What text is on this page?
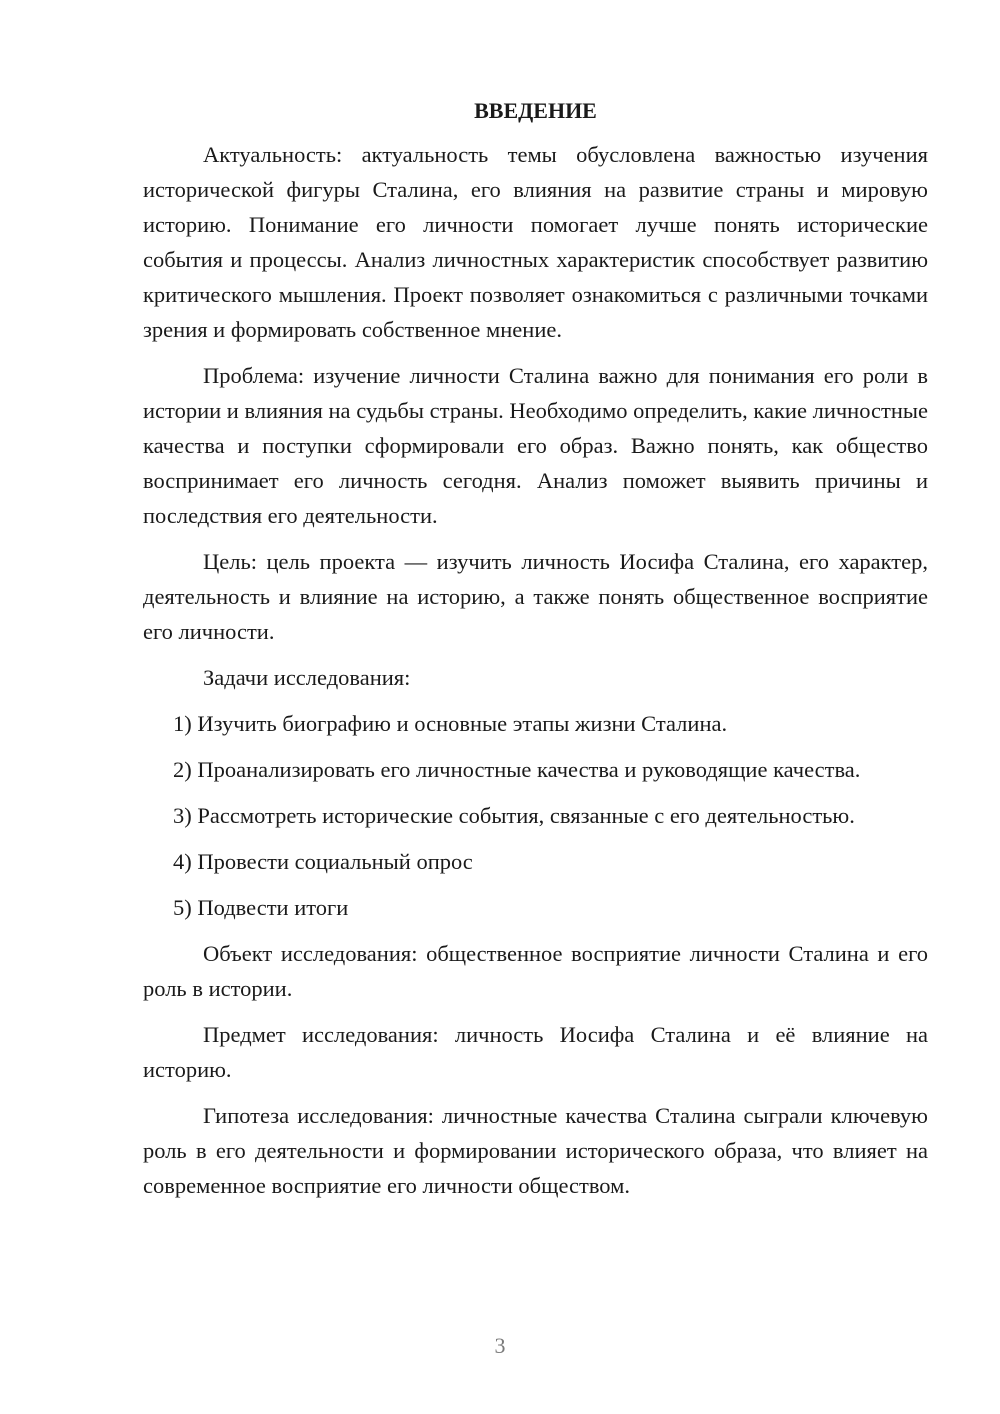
ВВЕДЕНИЕ

Актуальность: актуальность темы обусловлена важностью изучения исторической фигуры Сталина, его влияния на развитие страны и мировую историю. Понимание его личности помогает лучше понять исторические события и процессы. Анализ личностных характеристик способствует развитию критического мышления. Проект позволяет ознакомиться с различными точками зрения и формировать собственное мнение.

Проблема: изучение личности Сталина важно для понимания его роли в истории и влияния на судьбы страны. Необходимо определить, какие личностные качества и поступки сформировали его образ. Важно понять, как общество воспринимает его личность сегодня. Анализ поможет выявить причины и последствия его деятельности.

Цель: цель проекта — изучить личность Иосифа Сталина, его характер, деятельность и влияние на историю, а также понять общественное восприятие его личности.

Задачи исследования:

1) Изучить биографию и основные этапы жизни Сталина.

2) Проанализировать его личностные качества и руководящие качества.

3) Рассмотреть исторические события, связанные с его деятельностью.

4) Провести социальный опрос

5) Подвести итоги

Объект исследования: общественное восприятие личности Сталина и его роль в истории.

Предмет исследования: личность Иосифа Сталина и её влияние на историю.

Гипотеза исследования: личностные качества Сталина сыграли ключевую роль в его деятельности и формировании исторического образа, что влияет на современное восприятие его личности обществом.

3
